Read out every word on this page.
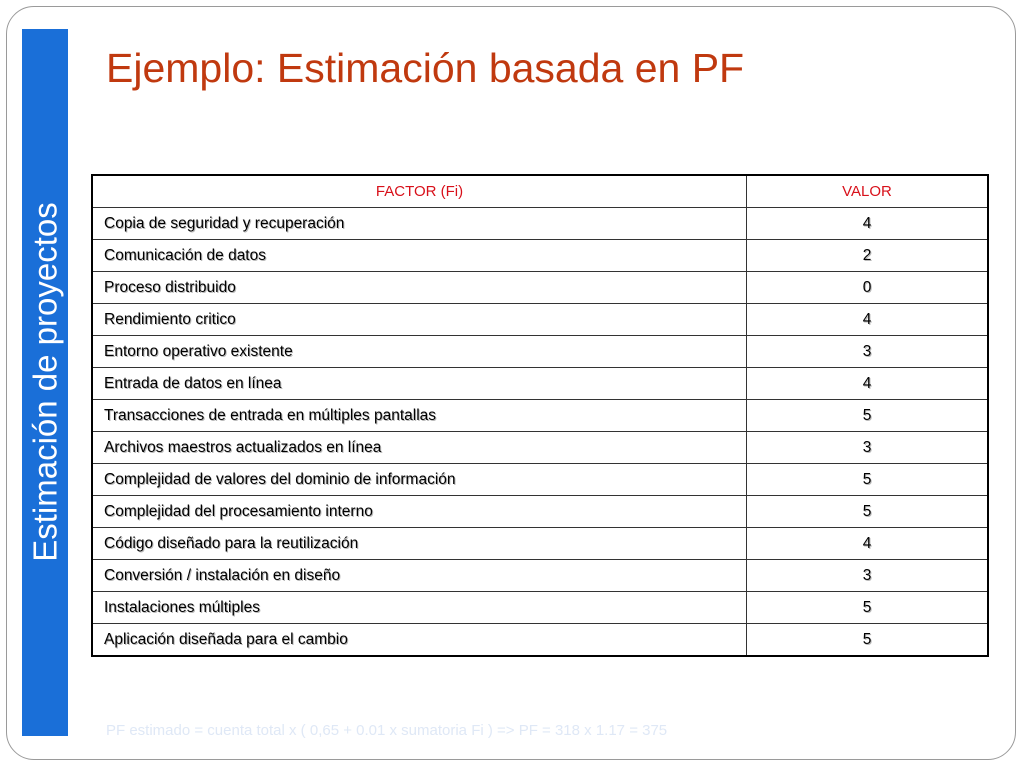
Estimación de proyectos
Ejemplo: Estimación basada en PF
FACTOR (Fi)	VALOR
Copia de seguridad y recuperación	4
Comunicación de datos	2
Proceso distribuido	0
Rendimiento critico	4
Entorno operativo existente	3
Entrada de datos en línea	4
Transacciones de entrada en múltiples pantallas	5
Archivos maestros actualizados en línea	3
Complejidad de valores del dominio de información	5
Complejidad del procesamiento interno	5
Código diseñado para la reutilización	4
Conversión / instalación en diseño	3
Instalaciones múltiples	5
Aplicación diseñada para el cambio	5
PF estimado = cuenta total x ( 0,65 + 0.01 x sumatoria Fi ) => PF = 318 x 1.17 = 375
